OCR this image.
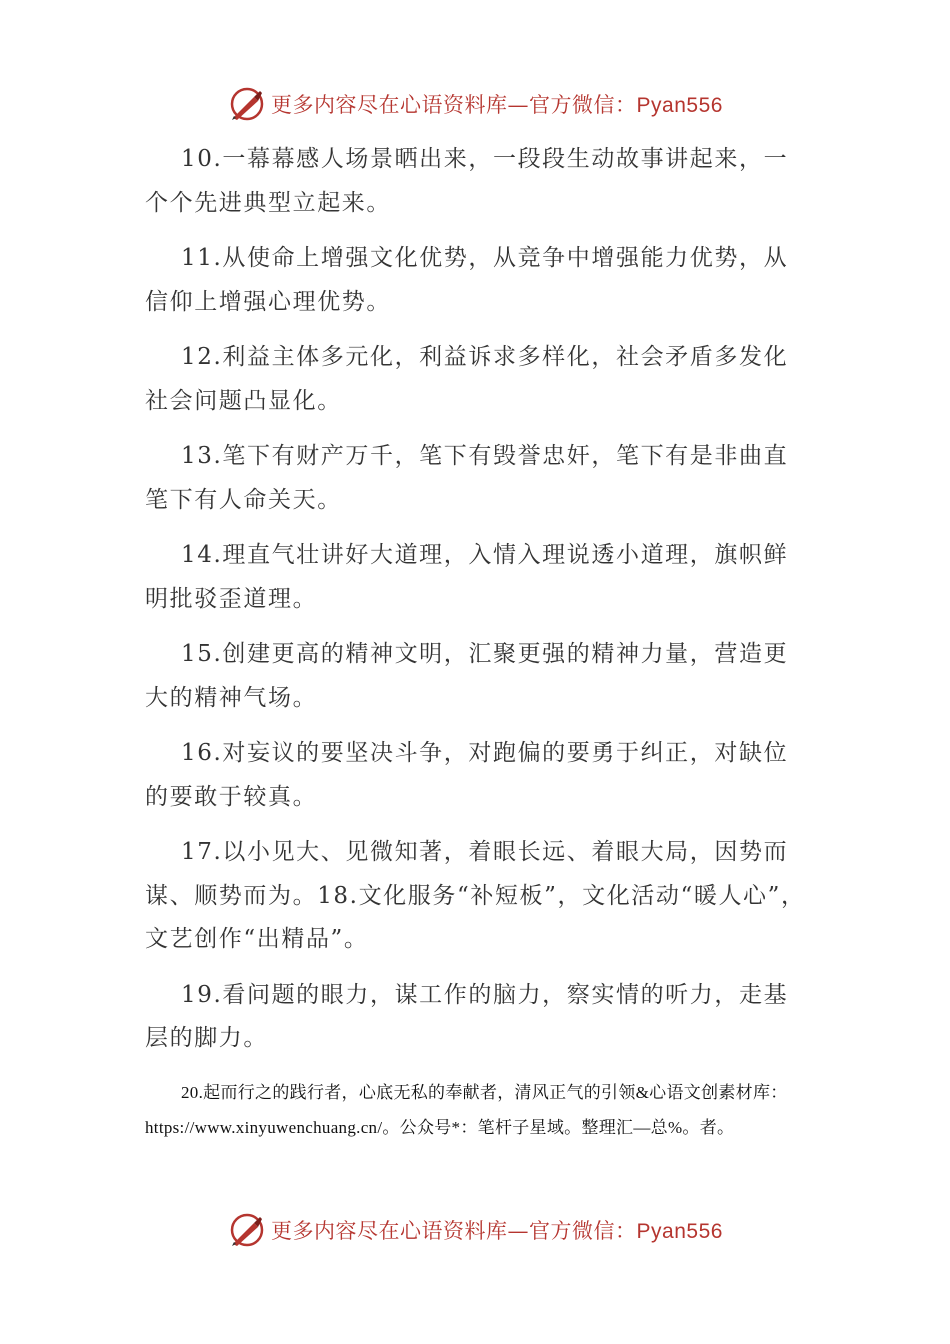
更多内容尽在心语资料库—官方微信：Pyan556

10.一幕幕感人场景晒出来，一段段生动故事讲起来，一个个先进典型立起来。

11.从使命上增强文化优势，从竞争中增强能力优势，从信仰上增强心理优势。

12.利益主体多元化，利益诉求多样化，社会矛盾多发化社会问题凸显化。

13.笔下有财产万千，笔下有毁誉忠奸，笔下有是非曲直笔下有人命关天。

14.理直气壮讲好大道理，入情入理说透小道理，旗帜鲜明批驳歪道理。

15.创建更高的精神文明，汇聚更强的精神力量，营造更大的精神气场。

16.对妄议的要坚决斗争，对跑偏的要勇于纠正，对缺位的要敢于较真。

17.以小见大、见微知著，着眼长远、着眼大局，因势而谋、顺势而为。18.文化服务“补短板”，文化活动“暖人心”，文艺创作“出精品”。

19.看问题的眼力，谋工作的脑力，察实情的听力，走基层的脚力。

20.起而行之的践行者，心底无私的奉献者，清风正气的引领&心语文创素材库：https://www.xinyuwenchuang.cn/。公众号*：笔杆子星域。整理汇—总%。者。

更多内容尽在心语资料库—官方微信：Pyan556
